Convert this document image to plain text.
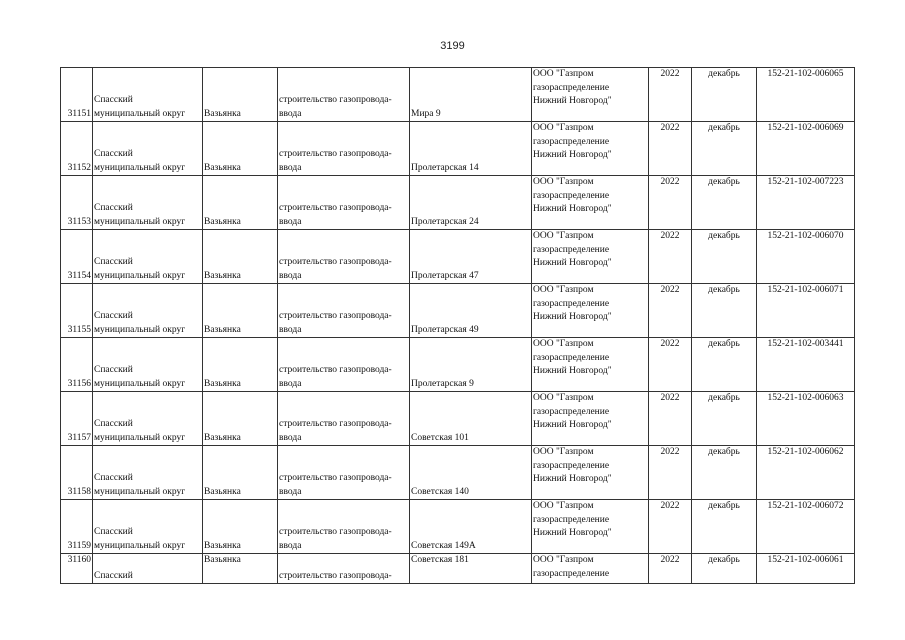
3199
31151	Спасский
муниципальный округ	Вазьянка	строительство газопровода-
ввода	Мира 9	ООО "Газпром
газораспределение
Нижний Новгород"	2022	декабрь	152-21-102-006065
31152	Спасский
муниципальный округ	Вазьянка	строительство газопровода-
ввода	Пролетарская 14	ООО "Газпром
газораспределение
Нижний Новгород"	2022	декабрь	152-21-102-006069
31153	Спасский
муниципальный округ	Вазьянка	строительство газопровода-
ввода	Пролетарская 24	ООО "Газпром
газораспределение
Нижний Новгород"	2022	декабрь	152-21-102-007223
31154	Спасский
муниципальный округ	Вазьянка	строительство газопровода-
ввода	Пролетарская 47	ООО "Газпром
газораспределение
Нижний Новгород"	2022	декабрь	152-21-102-006070
31155	Спасский
муниципальный округ	Вазьянка	строительство газопровода-
ввода	Пролетарская 49	ООО "Газпром
газораспределение
Нижний Новгород"	2022	декабрь	152-21-102-006071
31156	Спасский
муниципальный округ	Вазьянка	строительство газопровода-
ввода	Пролетарская 9	ООО "Газпром
газораспределение
Нижний Новгород"	2022	декабрь	152-21-102-003441
31157	Спасский
муниципальный округ	Вазьянка	строительство газопровода-
ввода	Советская 101	ООО "Газпром
газораспределение
Нижний Новгород"	2022	декабрь	152-21-102-006063
31158	Спасский
муниципальный округ	Вазьянка	строительство газопровода-
ввода	Советская 140	ООО "Газпром
газораспределение
Нижний Новгород"	2022	декабрь	152-21-102-006062
31159	Спасский
муниципальный округ	Вазьянка	строительство газопровода-
ввода	Советская 149А	ООО "Газпром
газораспределение
Нижний Новгород"	2022	декабрь	152-21-102-006072
31160	Спасский	Вазьянка	строительство газопровода-	Советская 181	ООО "Газпром
газораспределение	2022	декабрь	152-21-102-006061
